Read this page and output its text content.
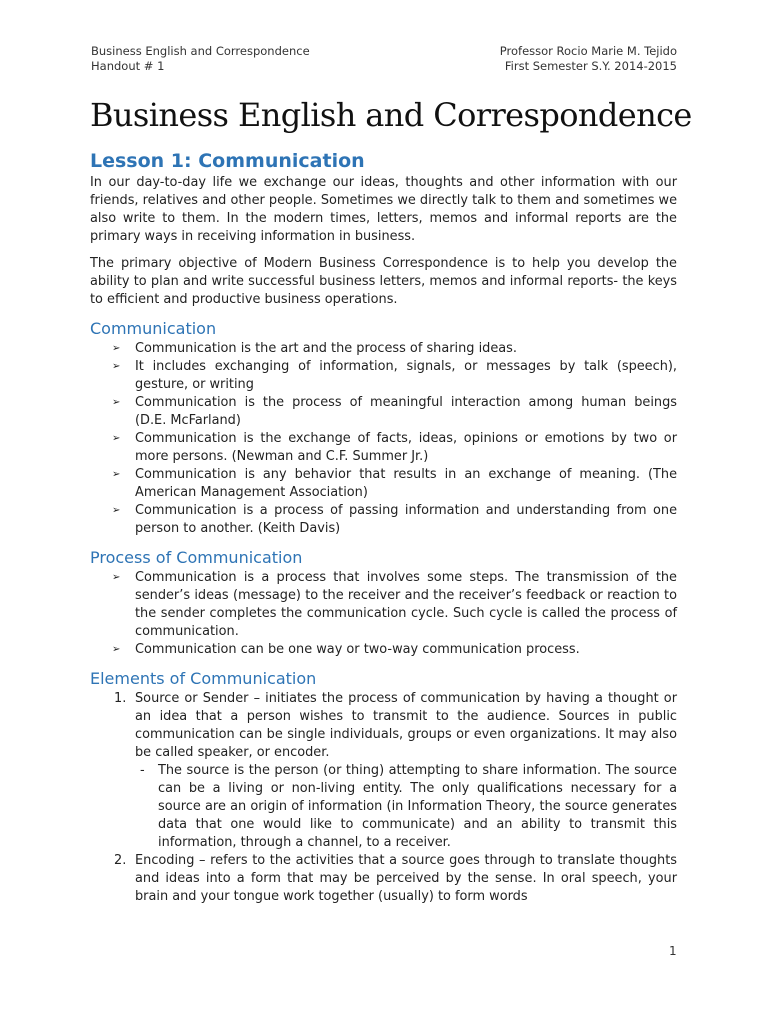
Business English and Correspondence
Handout # 1
Professor Rocio Marie M. Tejido
First Semester S.Y. 2014-2015
Business English and Correspondence
Lesson 1: Communication

In our day-to-day life we exchange our ideas, thoughts and other information with our friends, relatives and other people. Sometimes we directly talk to them and sometimes we also write to them. In the modern times, letters, memos and informal reports are the primary ways in receiving information in business.

The primary objective of Modern Business Correspondence is to help you develop the ability to plan and write successful business letters, memos and informal reports- the keys to efficient and productive business operations.

Communication
➢ Communication is the art and the process of sharing ideas.
➢ It includes exchanging of information, signals, or messages by talk (speech), gesture, or writing
➢ Communication is the process of meaningful interaction among human beings (D.E. McFarland)
➢ Communication is the exchange of facts, ideas, opinions or emotions by two or more persons. (Newman and C.F. Summer Jr.)
➢ Communication is any behavior that results in an exchange of meaning. (The American Management Association)
➢ Communication is a process of passing information and understanding from one person to another. (Keith Davis)
Process of Communication
➢ Communication is a process that involves some steps. The transmission of the sender’s ideas (message) to the receiver and the receiver’s feedback or reaction to the sender completes the communication cycle. Such cycle is called the process of communication.
➢ Communication can be one way or two-way communication process.
Elements of Communication
1. Source or Sender – initiates the process of communication by having a thought or an idea that a person wishes to transmit to the audience. Sources in public communication can be single individuals, groups or even organizations. It may also be called speaker, or encoder.
- The source is the person (or thing) attempting to share information. The source can be a living or non-living entity. The only qualifications necessary for a source are an origin of information (in Information Theory, the source generates data that one would like to communicate) and an ability to transmit this information, through a channel, to a receiver.
2. Encoding – refers to the activities that a source goes through to translate thoughts and ideas into a form that may be perceived by the sense. In oral speech, your brain and your tongue work together (usually) to form words
1
